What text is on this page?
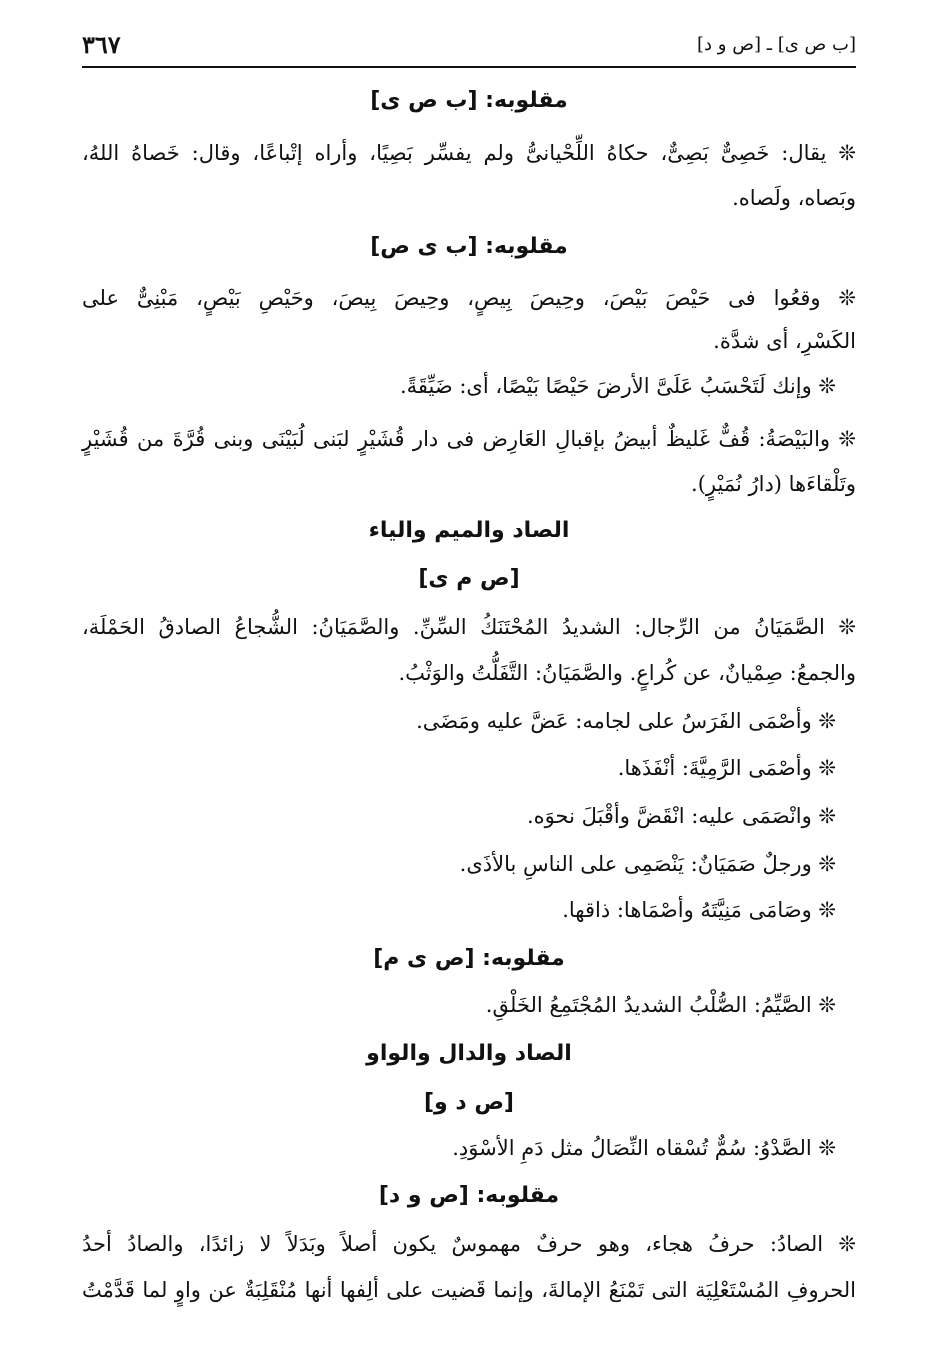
[ب ص ى] ـ [ص و د]
٣٦٧
مقلوبه: [ب ص ى]
❊ يقال: خَصِىٌّ بَصِىٌّ، حكاهُ اللِّحْيانىُّ ولم يفسِّر بَصِيًا، وأراه إتْباعًا، وقال: خَصاهُ اللهُ،
وبَصاه، ولَصاه.
مقلوبه: [ب ى ص]
❊ وقعُوا فى حَيْصَ بَيْصَ، وحِيصَ بِيصٍ، وحِيصَ بِيصَ، وحَيْصِ بَيْصٍ، مَبْنِىٌّ على
الكَسْرِ، أى شدَّة.
❊ وإنك لَتَحْسَبُ عَلَىَّ الأرضَ حَيْصًا بَيْصًا، أى: ضَيِّقَةً.
❊ والبَيْصَةُ: قُفٌّ غَليظٌ أبيضُ بإقبالِ العَارِض فى دار قُشَيْرٍ لبَنى لُبَيْنَى وبنى قُرَّةَ من قُشَيْرٍ
وتَلْقاءَها (دارُ نُمَيْرٍ).
الصاد والميم والياء
[ص م ى]
❊ الصَّمَيَانُ من الرِّجال: الشديدُ المُحْتَنَكُ السِّنِّ. والصَّمَيَانُ: الشُّجاعُ الصادقُ الحَمْلَة،
والجمعُ: صِمْيانٌ، عن كُراعٍ. والصَّمَيَانُ: التَّفَلُّتُ والوَثْبُ.
❊ وأصْمَى الفَرَسُ على لجامه: عَضَّ عليه ومَضَى.
❊ وأصْمَى الرَّمِيَّةَ: أنْفَذَها.
❊ وانْصَمَى عليه: انْقَضَّ وأقْبَلَ نحوَه.
❊ ورجلٌ صَمَيَانٌ: يَنْصَمِى على الناسِ بالأذَى.
❊ وصَامَى مَنِيَّتَهُ وأصْمَاها: ذاقها.
مقلوبه: [ص ى م]
❊ الصَّيِّمُ: الصُّلْبُ الشديدُ المُجْتَمِعُ الخَلْقِ.
الصاد والدال والواو
[ص د و]
❊ الصَّدْوُ: سُمٌّ تُسْقاه النِّصَالُ مثل دَمِ الأسْوَدِ.
مقلوبه: [ص و د]
❊ الصادُ: حرفُ هجاء، وهو حرفٌ مهموسٌ يكون أصلاً وبَدَلاً لا زائدًا، والصادُ أحدُ
الحروفِ المُسْتَعْلِيَة التى تَمْنَعُ الإمالةَ، وإنما قَضيت على ألِفها أنها مُنْقَلِبَةٌ عن واوٍ لما قَدَّمْتُ
